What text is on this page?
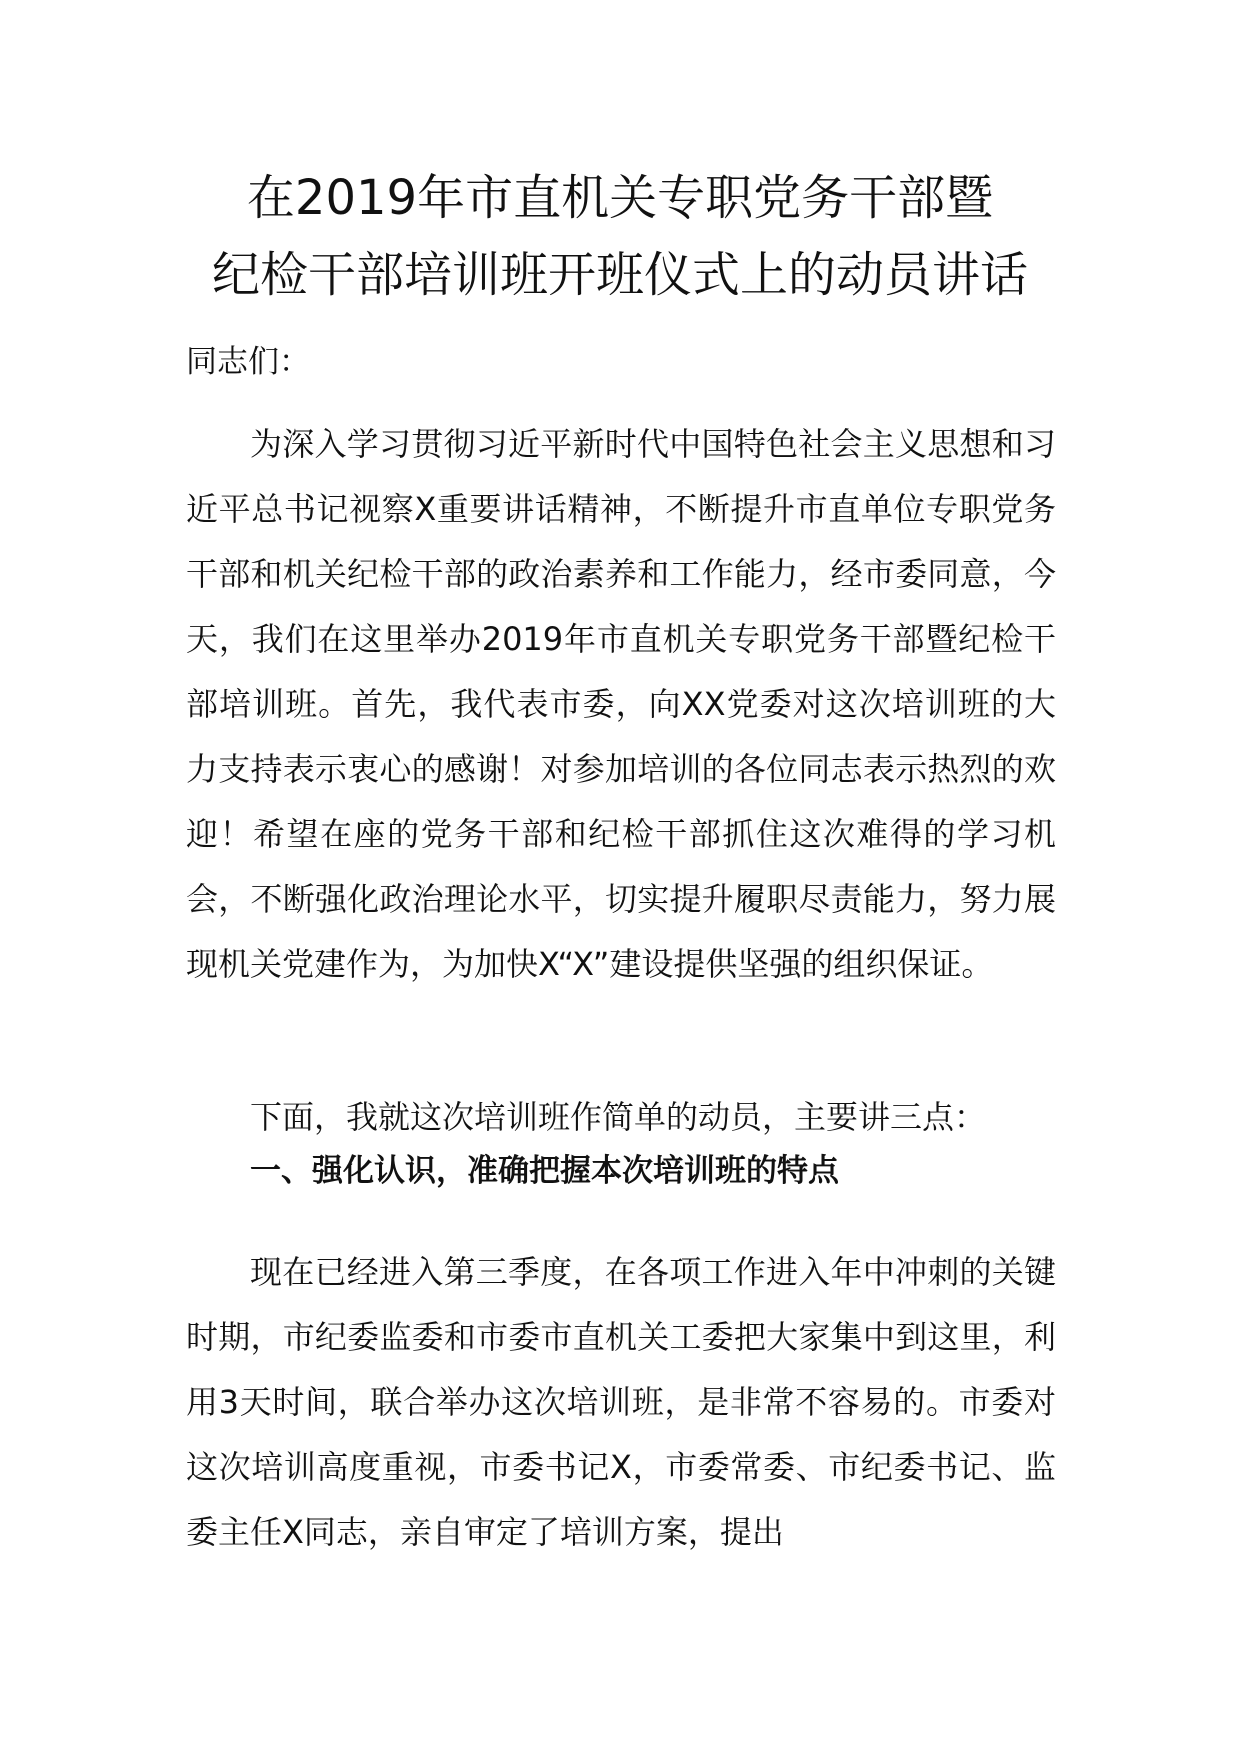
在2019年市直机关专职党务干部暨
纪检干部培训班开班仪式上的动员讲话
同志们：

为深入学习贯彻习近平新时代中国特色社会主义思想和习近平总书记视察X重要讲话精神，不断提升市直单位专职党务干部和机关纪检干部的政治素养和工作能力，经市委同意，今天，我们在这里举办2019年市直机关专职党务干部暨纪检干部培训班。首先，我代表市委，向XX党委对这次培训班的大力支持表示衷心的感谢！对参加培训的各位同志表示热烈的欢迎！希望在座的党务干部和纪检干部抓住这次难得的学习机会，不断强化政治理论水平，切实提升履职尽责能力，努力展现机关党建作为，为加快X“X”建设提供坚强的组织保证。

下面，我就这次培训班作简单的动员，主要讲三点：

一、强化认识，准确把握本次培训班的特点

现在已经进入第三季度，在各项工作进入年中冲刺的关键时期，市纪委监委和市委市直机关工委把大家集中到这里，利用3天时间，联合举办这次培训班，是非常不容易的。市委对这次培训高度重视，市委书记X，市委常委、市纪委书记、监委主任X同志，亲自审定了培训方案，提出
